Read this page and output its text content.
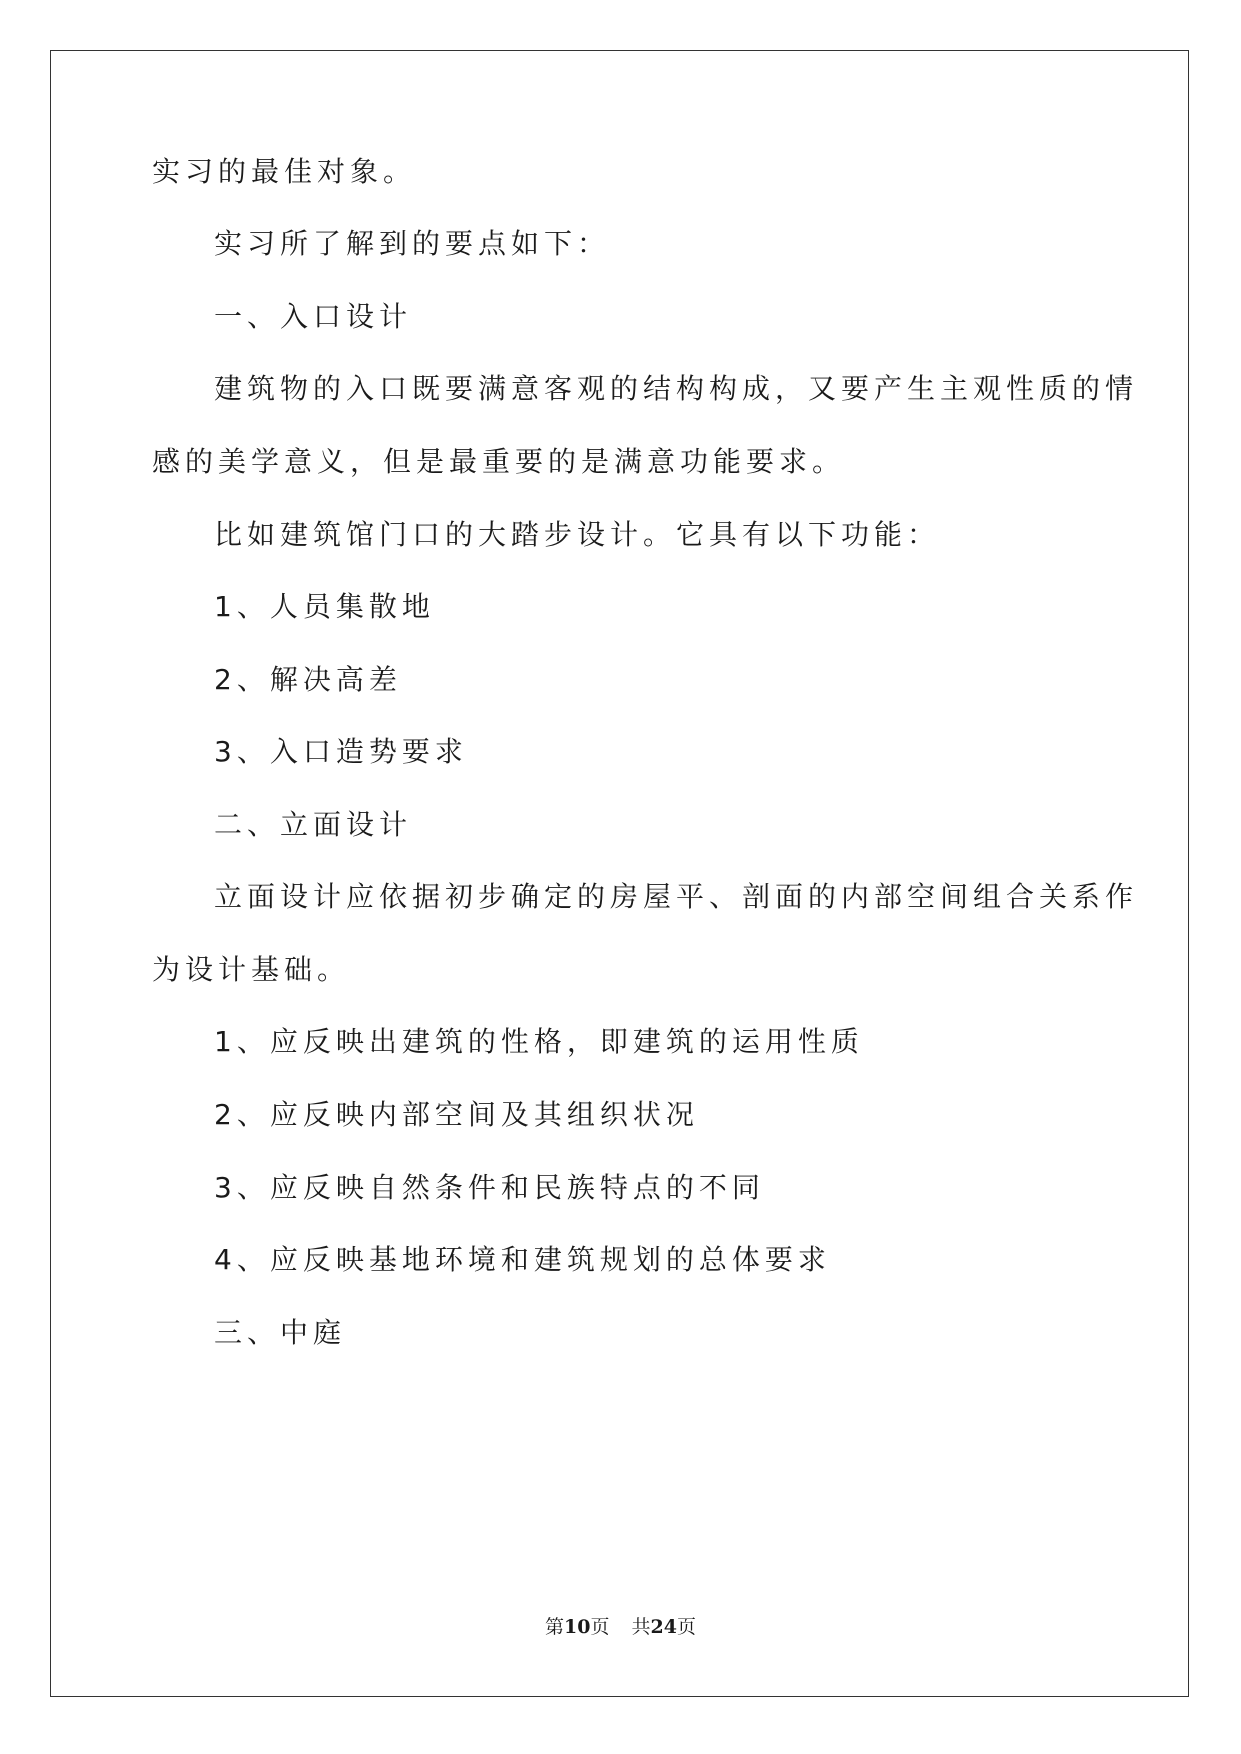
实习的最佳对象。
实习所了解到的要点如下：
一、入口设计
建筑物的入口既要满意客观的结构构成，又要产生主观性质的情
感的美学意义，但是最重要的是满意功能要求。
比如建筑馆门口的大踏步设计。它具有以下功能：
1、人员集散地
2、解决高差
3、入口造势要求
二、立面设计
立面设计应依据初步确定的房屋平、剖面的内部空间组合关系作
为设计基础。
1、应反映出建筑的性格，即建筑的运用性质
2、应反映内部空间及其组织状况
3、应反映自然条件和民族特点的不同
4、应反映基地环境和建筑规划的总体要求
三、中庭
第10页 共24页
